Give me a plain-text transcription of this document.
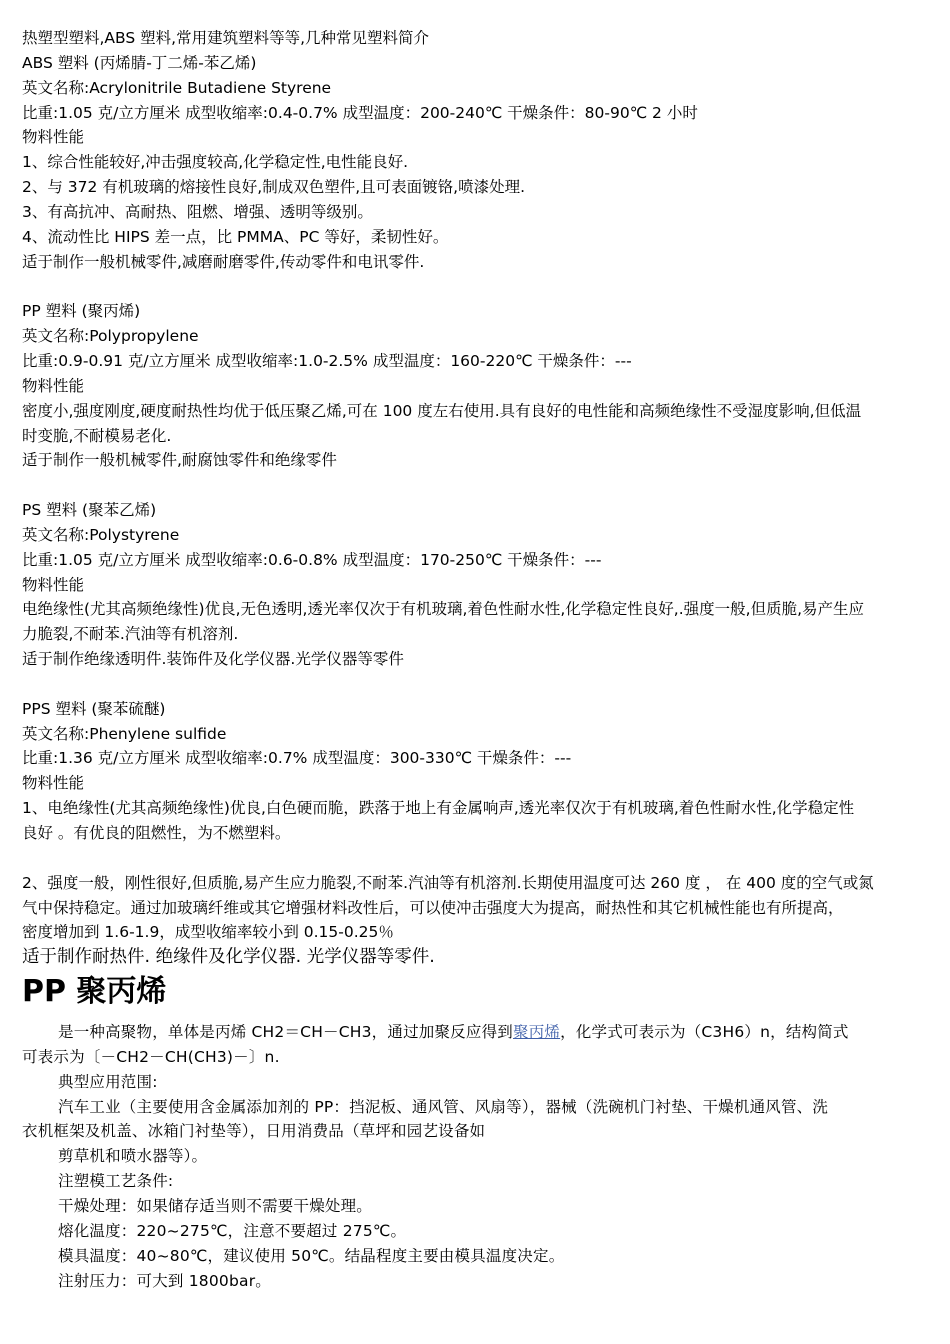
热塑型塑料,ABS 塑料,常用建筑塑料等等,几种常见塑料简介
ABS 塑料 (丙烯腈-丁二烯-苯乙烯)
英文名称:Acrylonitrile Butadiene Styrene
比重:1.05 克/立方厘米 成型收缩率:0.4-0.7% 成型温度：200-240℃ 干燥条件：80-90℃ 2 小时
物料性能
1、综合性能较好,冲击强度较高,化学稳定性,电性能良好.
2、与 372 有机玻璃的熔接性良好,制成双色塑件,且可表面镀铬,喷漆处理.
3、有高抗冲、高耐热、阻燃、增强、透明等级别。
4、流动性比 HIPS 差一点，比 PMMA、PC 等好，柔韧性好。
适于制作一般机械零件,减磨耐磨零件,传动零件和电讯零件.
PP 塑料 (聚丙烯)
英文名称:Polypropylene
比重:0.9-0.91 克/立方厘米 成型收缩率:1.0-2.5% 成型温度：160-220℃ 干燥条件：---
物料性能
密度小,强度刚度,硬度耐热性均优于低压聚乙烯,可在 100 度左右使用.具有良好的电性能和高频绝缘性不受湿度影响,但低温
时变脆,不耐模易老化.
适于制作一般机械零件,耐腐蚀零件和绝缘零件
PS 塑料 (聚苯乙烯)
英文名称:Polystyrene
比重:1.05 克/立方厘米 成型收缩率:0.6-0.8% 成型温度：170-250℃ 干燥条件：---
物料性能
电绝缘性(尤其高频绝缘性)优良,无色透明,透光率仅次于有机玻璃,着色性耐水性,化学稳定性良好,.强度一般,但质脆,易产生应
力脆裂,不耐苯.汽油等有机溶剂.
适于制作绝缘透明件.装饰件及化学仪器.光学仪器等零件
PPS 塑料 (聚苯硫醚)
英文名称:Phenylene sulfide
比重:1.36 克/立方厘米 成型收缩率:0.7% 成型温度：300-330℃ 干燥条件：---
物料性能
1、电绝缘性(尤其高频绝缘性)优良,白色硬而脆，跌落于地上有金属响声,透光率仅次于有机玻璃,着色性耐水性,化学稳定性
良好 。有优良的阻燃性，为不燃塑料。
2、强度一般，刚性很好,但质脆,易产生应力脆裂,不耐苯.汽油等有机溶剂.长期使用温度可达 260 度 ， 在 400 度的空气或氮
气中保持稳定。通过加玻璃纤维或其它增强材料改性后，可以使冲击强度大为提高，耐热性和其它机械性能也有所提高，
密度增加到 1.6-1.9，成型收缩率较小到 0.15-0.25％
适于制作耐热件. 绝缘件及化学仪器. 光学仪器等零件.
PP 聚丙烯
是一种高聚物，单体是丙烯 CH2＝CH－CH3，通过加聚反应得到聚丙烯，化学式可表示为（C3H6）n，结构简式
可表示为〔－CH2－CH(CH3)－〕n.
典型应用范围:
汽车工业（主要使用含金属添加剂的 PP：挡泥板、通风管、风扇等），器械（洗碗机门衬垫、干燥机通风管、洗
衣机框架及机盖、冰箱门衬垫等），日用消费品（草坪和园艺设备如
剪草机和喷水器等）。
注塑模工艺条件:
干燥处理：如果储存适当则不需要干燥处理。
熔化温度：220~275℃，注意不要超过 275℃。
模具温度：40~80℃，建议使用 50℃。结晶程度主要由模具温度决定。
注射压力：可大到 1800bar。
